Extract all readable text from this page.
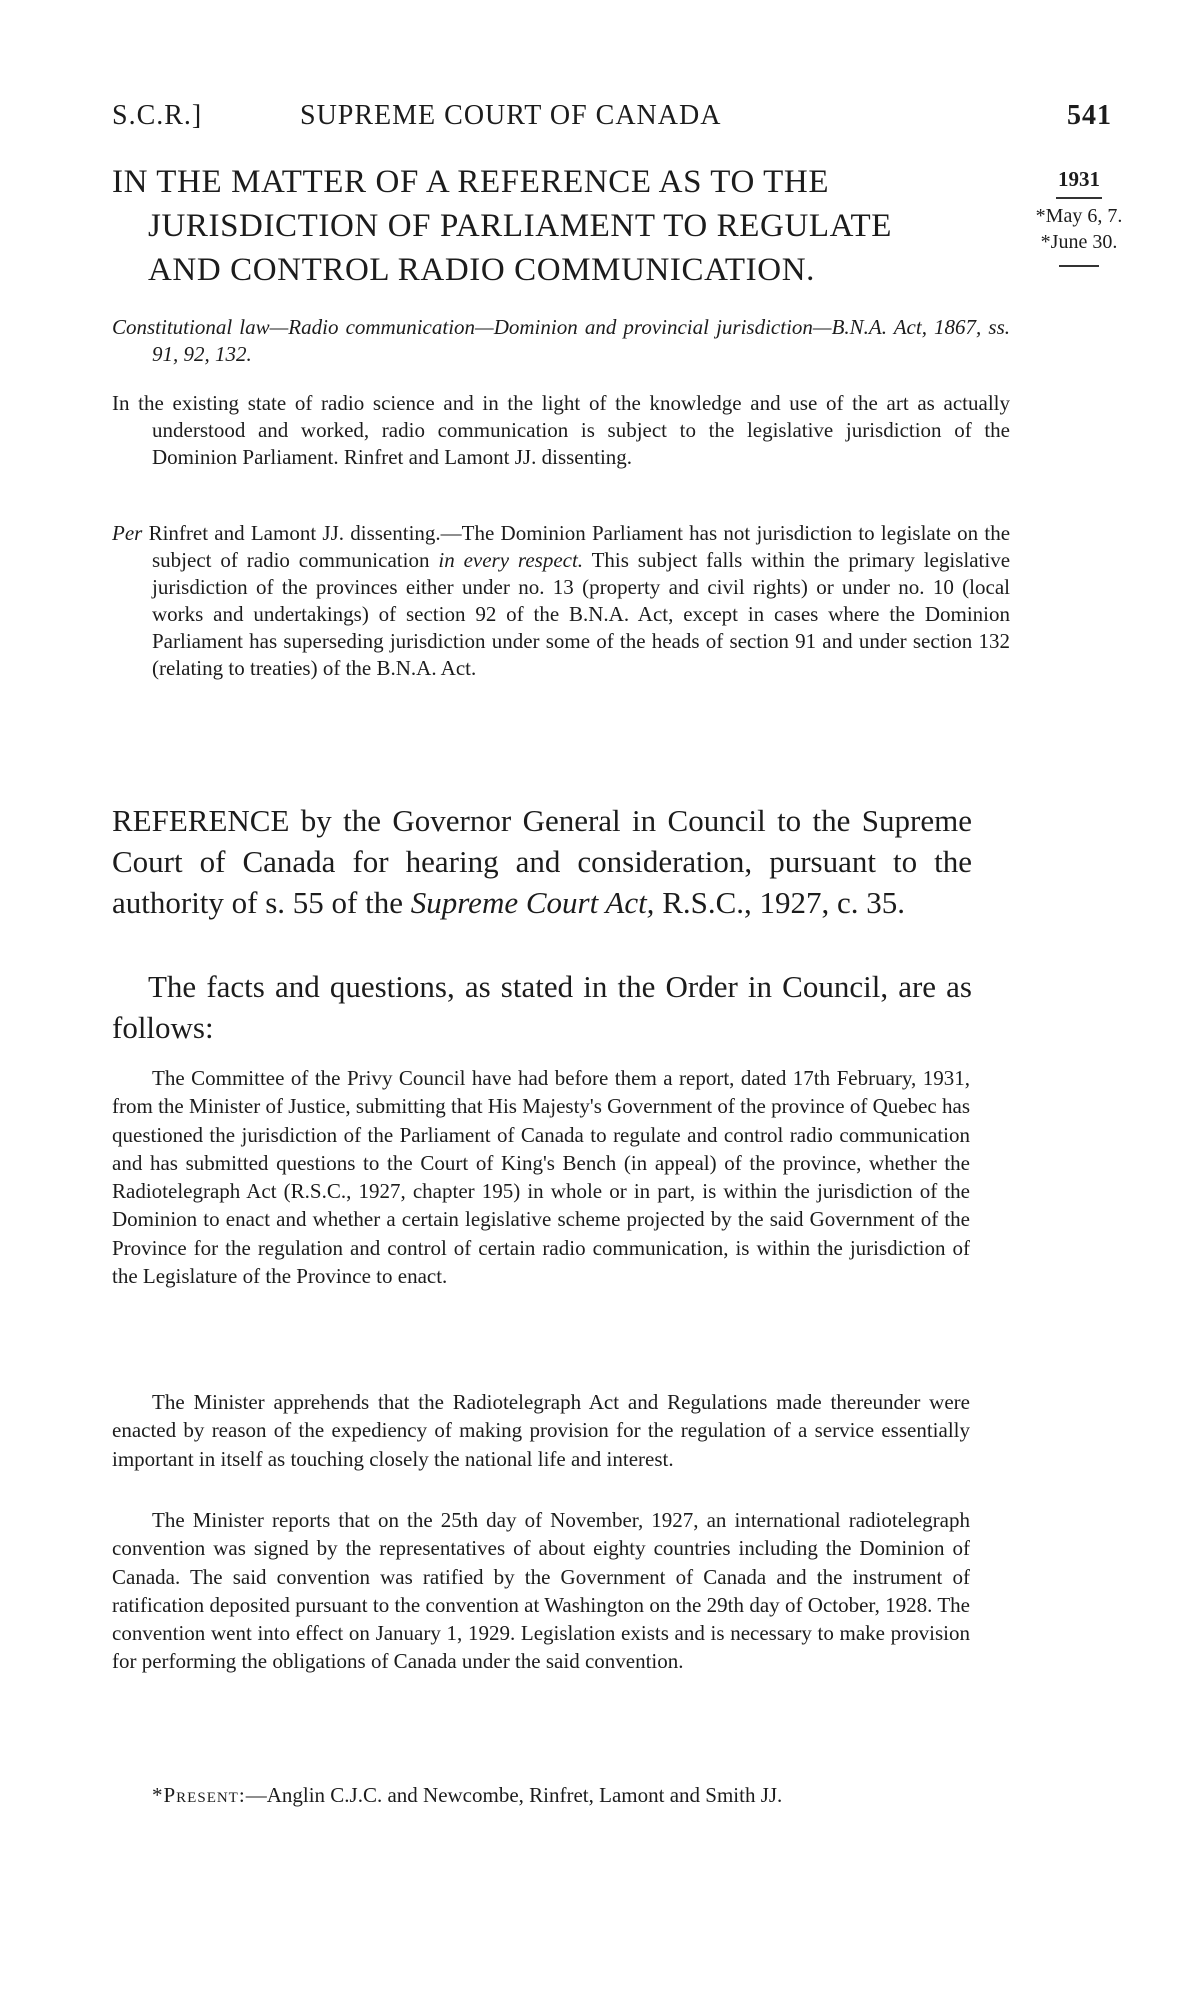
S.C.R.]	SUPREME COURT OF CANADA	541
IN THE MATTER OF A REFERENCE AS TO THE
JURISDICTION OF PARLIAMENT TO REGULATE
AND CONTROL RADIO COMMUNICATION.
1931
*May 6, 7.
*June 30.

Constitutional law—Radio communication—Dominion and provincial jurisdiction—B.N.A. Act, 1867, ss. 91, 92, 132.

In the existing state of radio science and in the light of the knowledge and use of the art as actually understood and worked, radio communication is subject to the legislative jurisdiction of the Dominion Parliament. Rinfret and Lamont JJ. dissenting.

Per Rinfret and Lamont JJ. dissenting.—The Dominion Parliament has not jurisdiction to legislate on the subject of radio communication in every respect. This subject falls within the primary legislative jurisdiction of the provinces either under no. 13 (property and civil rights) or under no. 10 (local works and undertakings) of section 92 of the B.N.A. Act, except in cases where the Dominion Parliament has superseding jurisdiction under some of the heads of section 91 and under section 132 (relating to treaties) of the B.N.A. Act.

REFERENCE by the Governor General in Council to the Supreme Court of Canada for hearing and consideration, pursuant to the authority of s. 55 of the Supreme Court Act, R.S.C., 1927, c. 35.

The facts and questions, as stated in the Order in Council, are as follows:

The Committee of the Privy Council have had before them a report, dated 17th February, 1931, from the Minister of Justice, submitting that His Majesty's Government of the province of Quebec has questioned the jurisdiction of the Parliament of Canada to regulate and control radio communication and has submitted questions to the Court of King's Bench (in appeal) of the province, whether the Radiotelegraph Act (R.S.C., 1927, chapter 195) in whole or in part, is within the jurisdiction of the Dominion to enact and whether a certain legislative scheme projected by the said Government of the Province for the regulation and control of certain radio communication, is within the jurisdiction of the Legislature of the Province to enact.

The Minister apprehends that the Radiotelegraph Act and Regulations made thereunder were enacted by reason of the expediency of making provision for the regulation of a service essentially important in itself as touching closely the national life and interest.

The Minister reports that on the 25th day of November, 1927, an international radiotelegraph convention was signed by the representatives of about eighty countries including the Dominion of Canada. The said convention was ratified by the Government of Canada and the instrument of ratification deposited pursuant to the convention at Washington on the 29th day of October, 1928. The convention went into effect on January 1, 1929. Legislation exists and is necessary to make provision for performing the obligations of Canada under the said convention.

*Present:—Anglin C.J.C. and Newcombe, Rinfret, Lamont and Smith JJ.
